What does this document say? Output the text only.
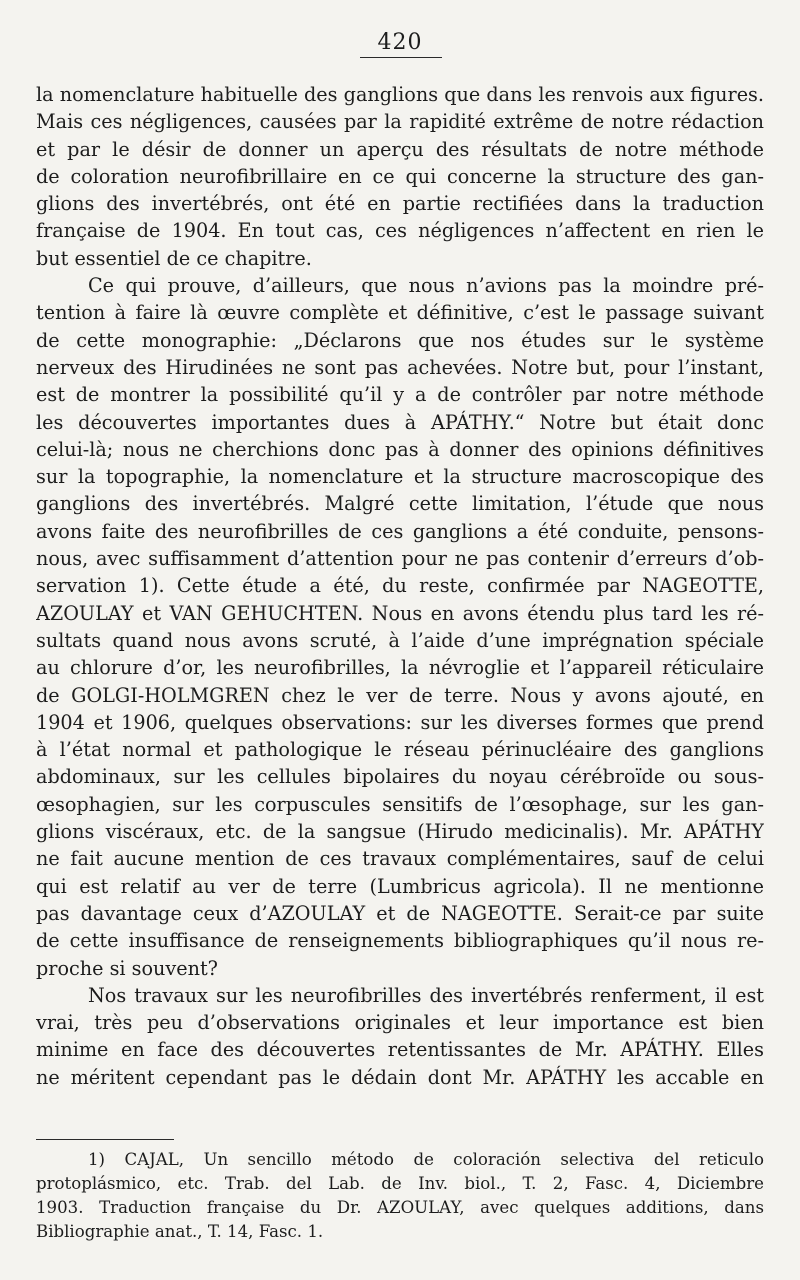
420
la nomenclature habituelle des ganglions que dans les renvois aux figures.
Mais ces négligences, causées par la rapidité extrême de notre rédaction
et par le désir de donner un aperçu des résultats de notre méthode
de coloration neurofibrillaire en ce qui concerne la structure des gan-
glions des invertébrés, ont été en partie rectifiées dans la traduction
française de 1904. En tout cas, ces négligences n’affectent en rien le
but essentiel de ce chapitre.
Ce qui prouve, d’ailleurs, que nous n’avions pas la moindre pré-
tention à faire là œuvre complète et définitive, c’est le passage suivant
de cette monographie: „Déclarons que nos études sur le système
nerveux des Hirudinées ne sont pas achevées. Notre but, pour l’instant,
est de montrer la possibilité qu’il y a de contrôler par notre méthode
les découvertes importantes dues à APÁTHY.“ Notre but était donc
celui-là; nous ne cherchions donc pas à donner des opinions définitives
sur la topographie, la nomenclature et la structure macroscopique des
ganglions des invertébrés. Malgré cette limitation, l’étude que nous
avons faite des neurofibrilles de ces ganglions a été conduite, pensons-
nous, avec suffisamment d’attention pour ne pas contenir d’erreurs d’ob-
servation 1). Cette étude a été, du reste, confirmée par NAGEOTTE,
AZOULAY et VAN GEHUCHTEN. Nous en avons étendu plus tard les ré-
sultats quand nous avons scruté, à l’aide d’une imprégnation spéciale
au chlorure d’or, les neurofibrilles, la névroglie et l’appareil réticulaire
de GOLGI-HOLMGREN chez le ver de terre. Nous y avons ajouté, en
1904 et 1906, quelques observations: sur les diverses formes que prend
à l’état normal et pathologique le réseau périnucléaire des ganglions
abdominaux, sur les cellules bipolaires du noyau cérébroïde ou sous-
œsophagien, sur les corpuscules sensitifs de l’œsophage, sur les gan-
glions viscéraux, etc. de la sangsue (Hirudo medicinalis). Mr. APÁTHY
ne fait aucune mention de ces travaux complémentaires, sauf de celui
qui est relatif au ver de terre (Lumbricus agricola). Il ne mentionne
pas davantage ceux d’AZOULAY et de NAGEOTTE. Serait-ce par suite
de cette insuffisance de renseignements bibliographiques qu’il nous re-
proche si souvent?
Nos travaux sur les neurofibrilles des invertébrés renferment, il est
vrai, très peu d’observations originales et leur importance est bien
minime en face des découvertes retentissantes de Mr. APÁTHY. Elles
ne méritent cependant pas le dédain dont Mr. APÁTHY les accable en
1) CAJAL, Un sencillo método de coloración selectiva del reticulo
protoplásmico, etc. Trab. del Lab. de Inv. biol., T. 2, Fasc. 4, Diciembre
1903. Traduction française du Dr. AZOULAY, avec quelques additions, dans
Bibliographie anat., T. 14, Fasc. 1.
